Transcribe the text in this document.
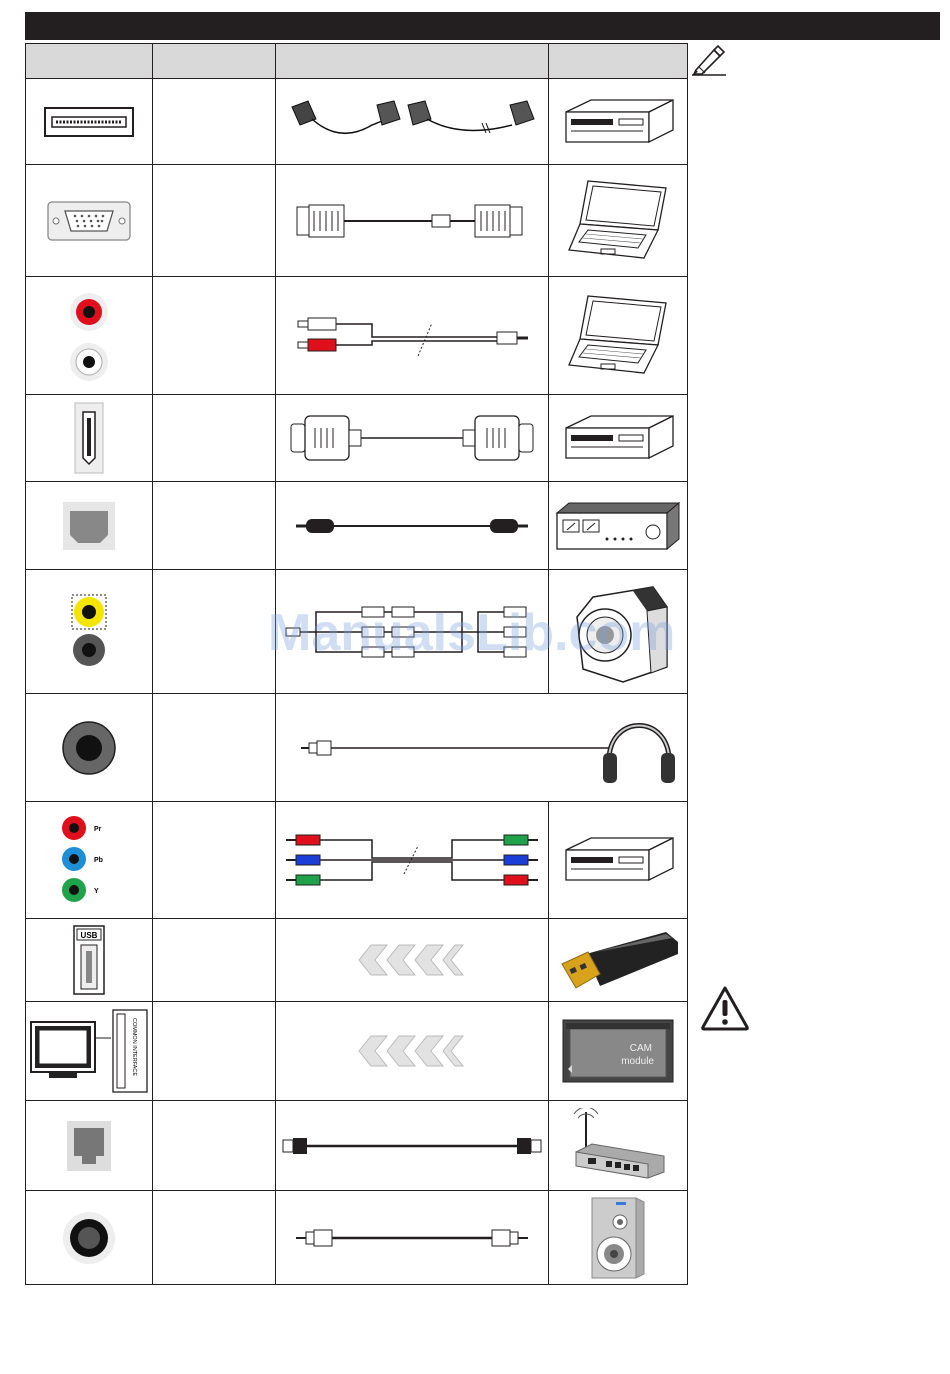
Pr
Pb
Y

USB

COMMON INTERFACE			CAM
module

ManualsLib.com
